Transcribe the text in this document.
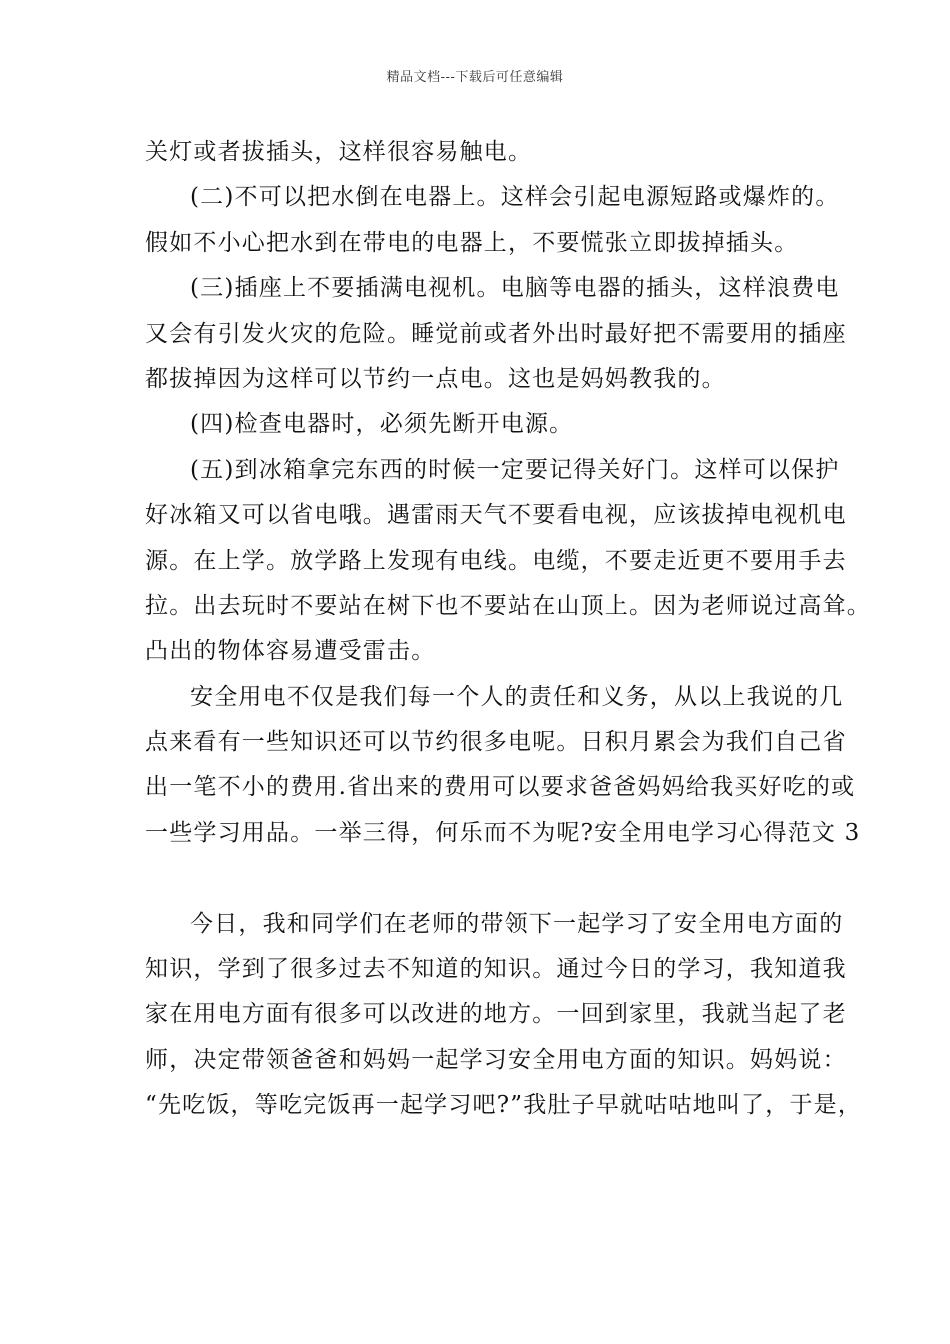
精品文档---下载后可任意编辑
关灯或者拔插头，这样很容易触电。
(二)不可以把水倒在电器上。这样会引起电源短路或爆炸的。
假如不小心把水到在带电的电器上，不要慌张立即拔掉插头。
(三)插座上不要插满电视机。电脑等电器的插头，这样浪费电
又会有引发火灾的危险。睡觉前或者外出时最好把不需要用的插座
都拔掉因为这样可以节约一点电。这也是妈妈教我的。
(四)检查电器时，必须先断开电源。
(五)到冰箱拿完东西的时候一定要记得关好门。这样可以保护
好冰箱又可以省电哦。遇雷雨天气不要看电视，应该拔掉电视机电
源。在上学。放学路上发现有电线。电缆，不要走近更不要用手去
拉。出去玩时不要站在树下也不要站在山顶上。因为老师说过高耸。
凸出的物体容易遭受雷击。
安全用电不仅是我们每一个人的责任和义务，从以上我说的几
点来看有一些知识还可以节约很多电呢。日积月累会为我们自己省
出一笔不小的费用.省出来的费用可以要求爸爸妈妈给我买好吃的或
一些学习用品。一举三得，何乐而不为呢?安全用电学习心得范文 3
今日，我和同学们在老师的带领下一起学习了安全用电方面的
知识，学到了很多过去不知道的知识。通过今日的学习，我知道我
家在用电方面有很多可以改进的地方。一回到家里，我就当起了老
师，决定带领爸爸和妈妈一起学习安全用电方面的知识。妈妈说：
“先吃饭，等吃完饭再一起学习吧?”我肚子早就咕咕地叫了，于是，
